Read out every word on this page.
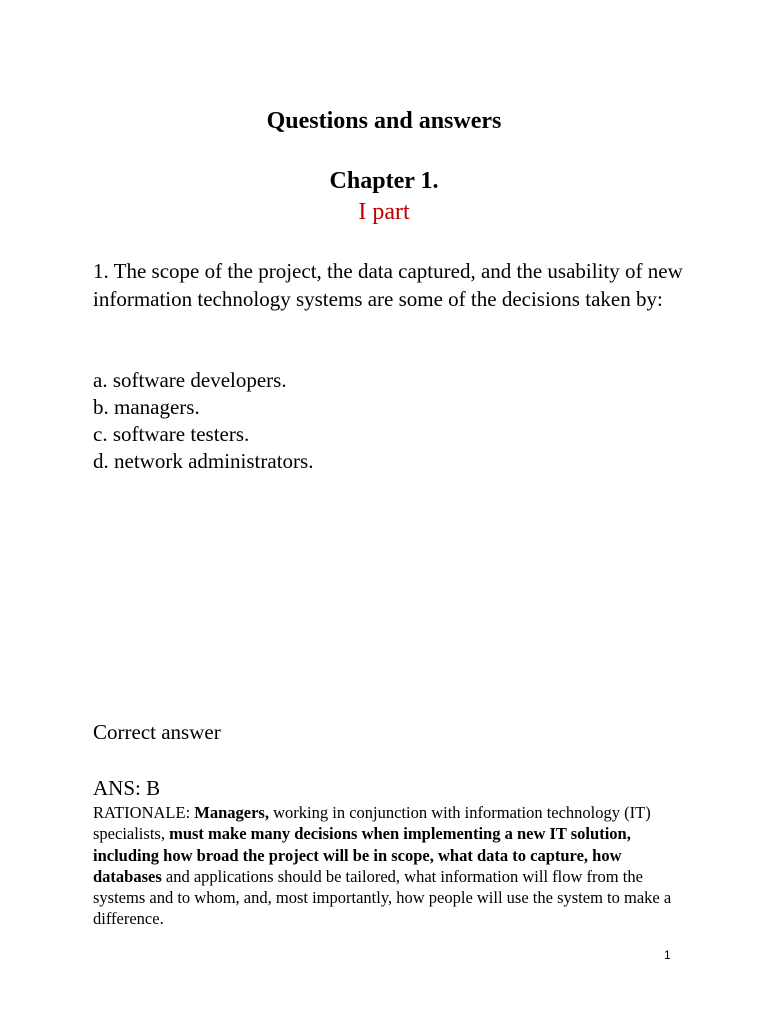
Questions and answers
Chapter 1.
I part
1. The scope of the project, the data captured, and the usability of new information technology systems are some of the decisions taken by:
a. software developers.
b. managers.
c. software testers.
d. network administrators.
Correct answer
ANS: B
RATIONALE: Managers, working in conjunction with information technology (IT) specialists, must make many decisions when implementing a new IT solution, including how broad the project will be in scope, what data to capture, how databases and applications should be tailored, what information will flow from the systems and to whom, and, most importantly, how people will use the system to make a difference.
1
